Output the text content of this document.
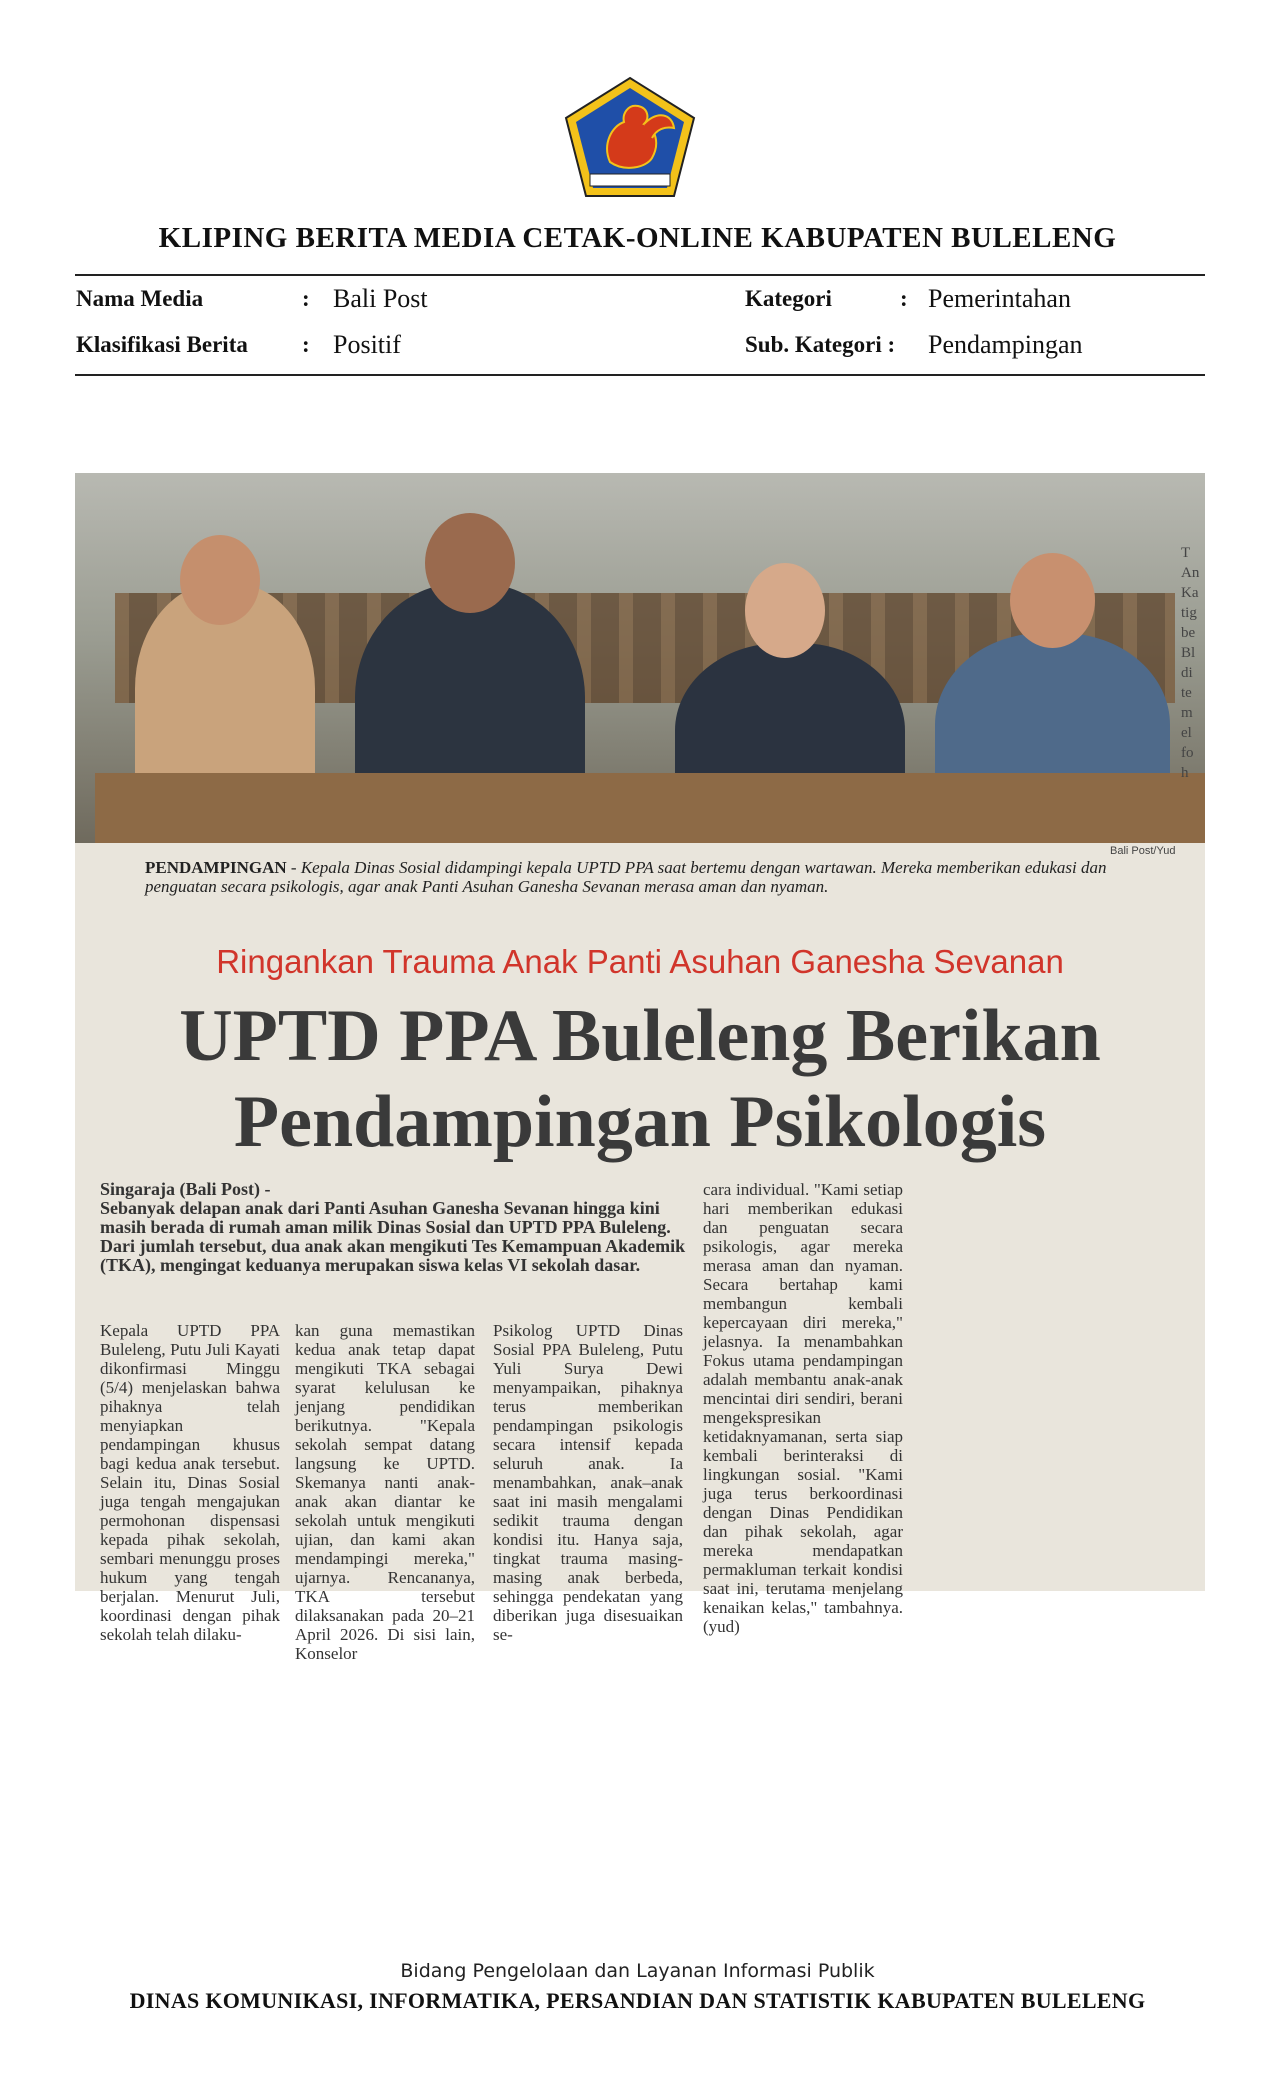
KLIPING BERITA MEDIA CETAK-ONLINE KABUPATEN BULELENG
Nama Media	: Bali Post	Kategori	: Pemerintahan
Klasifikasi Berita : Positif	Sub. Kategori : Pendampingan
T
An
Ka
tig
be
Bl
di
te
m
el
fo
h
Bali Post/Yud
PENDAMPINGAN - Kepala Dinas Sosial didampingi kepala UPTD PPA saat bertemu dengan wartawan. Mereka memberikan edukasi dan penguatan secara psikologis, agar anak Panti Asuhan Ganesha Sevanan merasa aman dan nyaman.
Ringankan Trauma Anak Panti Asuhan Ganesha Sevanan
UPTD PPA Buleleng Berikan
Pendampingan Psikologis
Singaraja (Bali Post) -
Sebanyak delapan anak dari Panti Asuhan Ganesha Sevanan hingga kini masih berada di rumah aman milik Dinas Sosial dan UPTD PPA Buleleng. Dari jumlah tersebut, dua anak akan mengikuti Tes Kemampuan Akademik (TKA), mengingat keduanya merupakan siswa kelas VI sekolah dasar.
cara individual. "Kami setiap hari memberikan edukasi dan penguatan secara psikologis, agar mereka merasa aman dan nyaman. Secara bertahap kami membangun kembali kepercayaan diri mereka," jelasnya. Ia menambahkan Fokus utama pendampingan adalah membantu anak-anak mencintai diri sendiri, berani mengekspresikan ketidaknyamanan, serta siap kembali berinteraksi di lingkungan sosial. "Kami juga terus berkoordinasi dengan Dinas Pendidikan dan pihak sekolah, agar mereka mendapatkan permakluman terkait kondisi saat ini, terutama menjelang kenaikan kelas," tambahnya. (yud)
Kepala UPTD PPA Buleleng, Putu Juli Kayati dikonfirmasi Minggu (5/4) menjelaskan bahwa pihaknya telah menyiapkan pendampingan khusus bagi kedua anak tersebut. Selain itu, Dinas Sosial juga tengah mengajukan permohonan dispensasi kepada pihak sekolah, sembari menunggu proses hukum yang tengah berjalan. Menurut Juli, koordinasi dengan pihak sekolah telah dilaku-
kan guna memastikan kedua anak tetap dapat mengikuti TKA sebagai syarat kelulusan ke jenjang pendidikan berikutnya. "Kepala sekolah sempat datang langsung ke UPTD. Skemanya nanti anak-anak akan diantar ke sekolah untuk mengikuti ujian, dan kami akan mendampingi mereka," ujarnya. Rencananya, TKA tersebut dilaksanakan pada 20–21 April 2026. Di sisi lain, Konselor
Psikolog UPTD Dinas Sosial PPA Buleleng, Putu Yuli Surya Dewi menyampaikan, pihaknya terus memberikan pendampingan psikologis secara intensif kepada seluruh anak. Ia menambahkan, anak–anak saat ini masih mengalami sedikit trauma dengan kondisi itu. Hanya saja, tingkat trauma masing-masing anak berbeda, sehingga pendekatan yang diberikan juga disesuaikan se-
Bidang Pengelolaan dan Layanan Informasi Publik
DINAS KOMUNIKASI, INFORMATIKA, PERSANDIAN DAN STATISTIK KABUPATEN BULELENG
